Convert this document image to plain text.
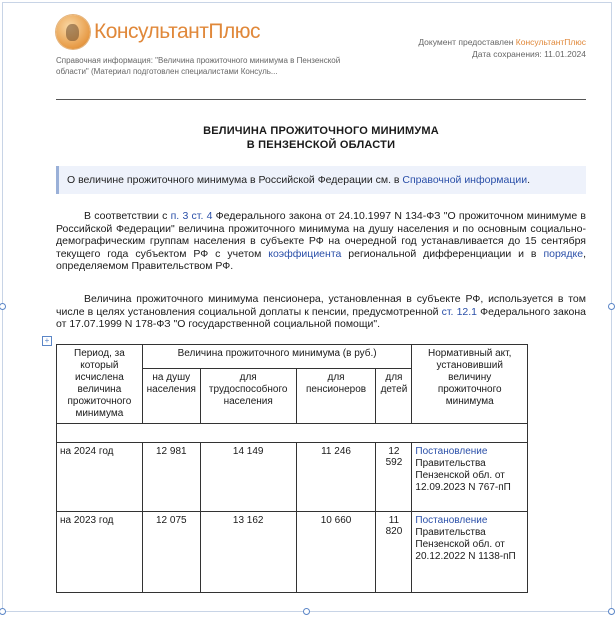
КонсультантПлюс
Справочная информация: "Величина прожиточного минимума в Пензенской области" (Материал подготовлен специалистами Консуль...
Документ предоставлен КонсультантПлюс
Дата сохранения: 11.01.2024
ВЕЛИЧИНА ПРОЖИТОЧНОГО МИНИМУМА
В ПЕНЗЕНСКОЙ ОБЛАСТИ
О величине прожиточного минимума в Российской Федерации см. в Справочной информации.
В соответствии с п. 3 ст. 4 Федерального закона от 24.10.1997 N 134-ФЗ "О прожиточном минимуме в Российской Федерации" величина прожиточного минимума на душу населения и по основным социально-демографическим группам населения в субъекте РФ на очередной год устанавливается до 15 сентября текущего года субъектом РФ с учетом коэффициента региональной дифференциации и в порядке, определяемом Правительством РФ.
Величина прожиточного минимума пенсионера, установленная в субъекте РФ, используется в том числе в целях установления социальной доплаты к пенсии, предусмотренной ст. 12.1 Федерального закона от 17.07.1999 N 178-ФЗ "О государственной социальной помощи".
+
Период, за который исчислена величина прожиточного минимума	Величина прожиточного минимума (в руб.)				Нормативный акт, установивший величину прожиточного минимума
	на душу населения	для трудоспособного населения	для пенсионеров	для детей	

на 2024 год	12 981	14 149	11 246	12 592	Постановление
Правительства Пензенской обл. от 12.09.2023 N 767-пП
на 2023 год	12 075	13 162	10 660	11 820	Постановление
Правительства Пензенской обл. от 20.12.2022 N 1138-пП
